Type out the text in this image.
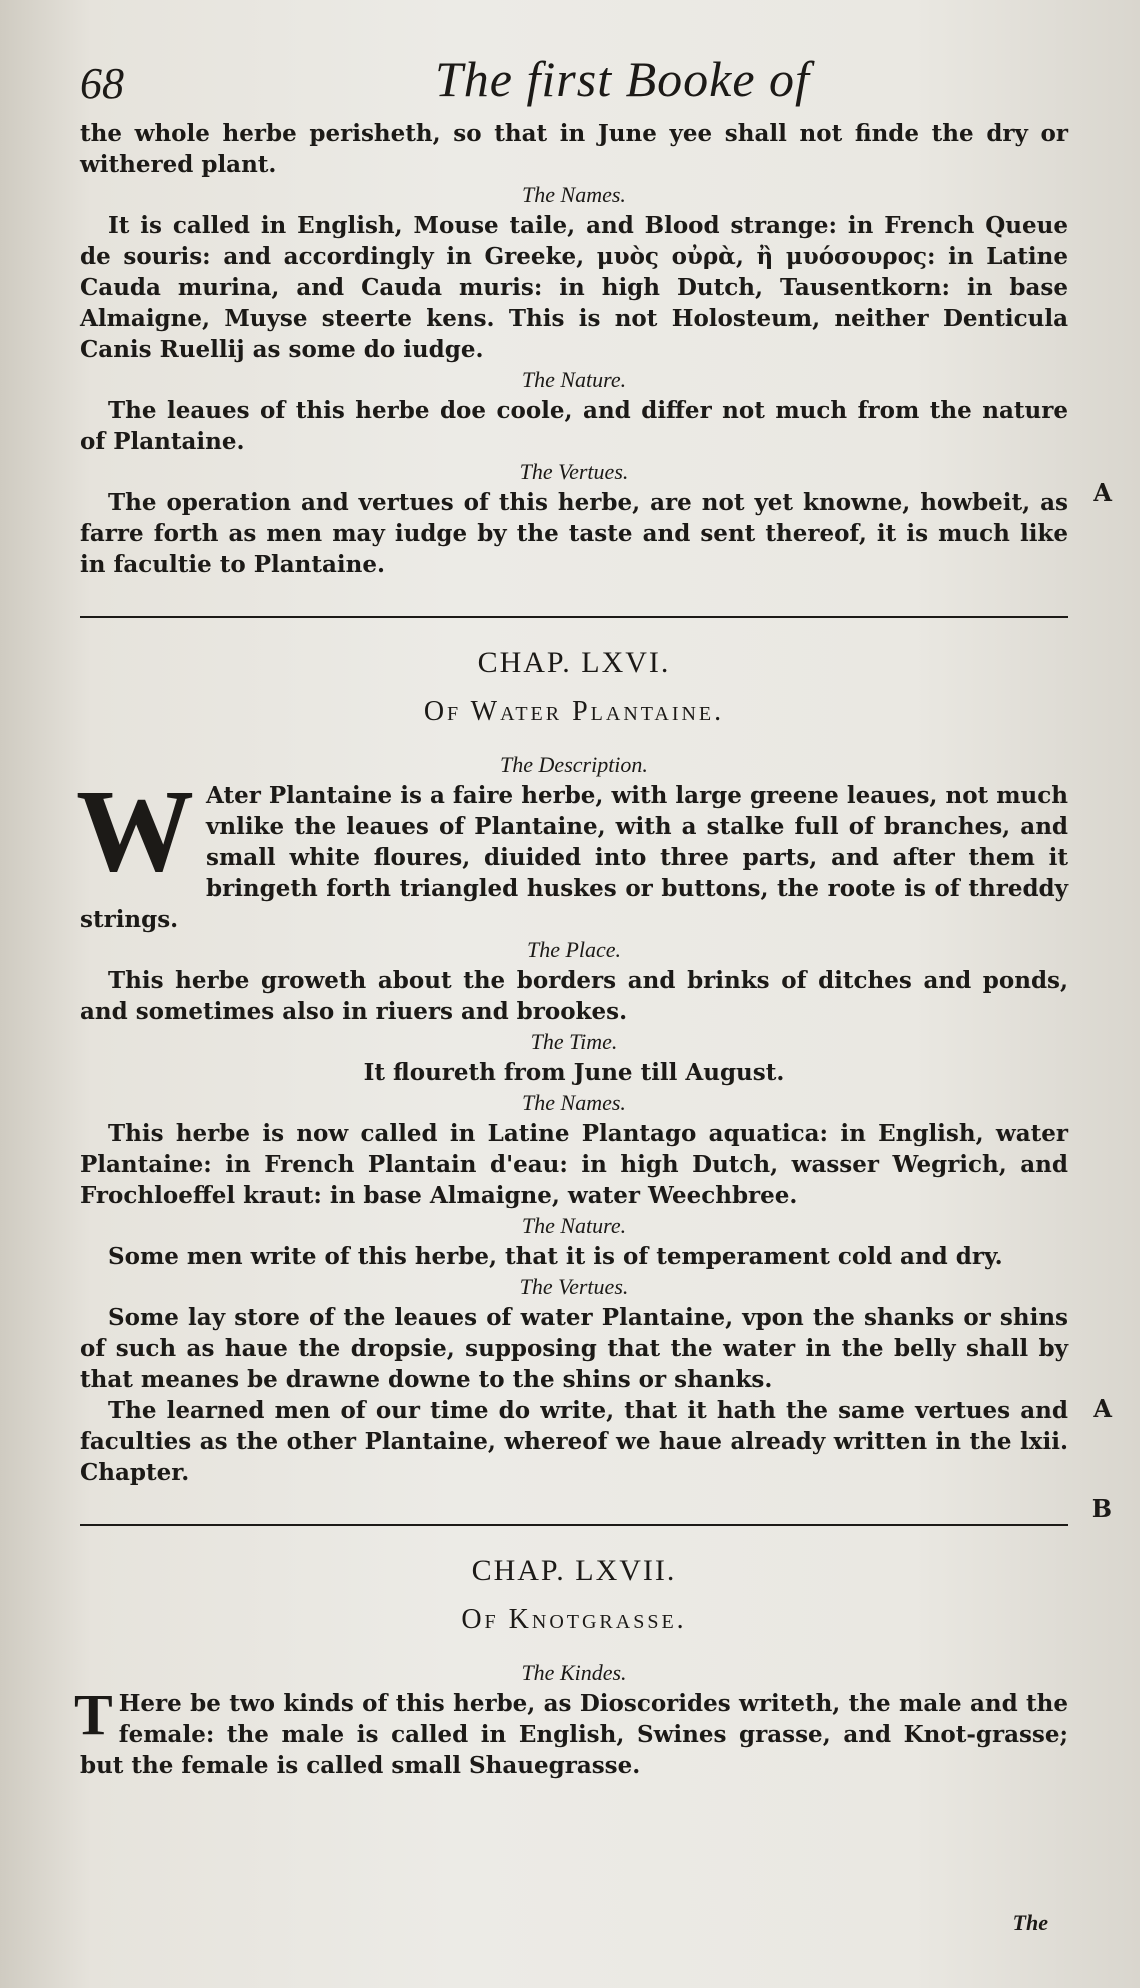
68	The first Booke of

the whole herbe perisheth, so that in June yee shall not finde the dry or withered plant.

The Names.

It is called in English, Mouse taile, and Blood strange: in French Queue de souris: and accordingly in Greeke, μυὸς οὐρὰ, ἢ μυόσουρος: in Latine Cauda murina, and Cauda muris: in high Dutch, Tausentkorn: in base Almaigne, Muyse steerte kens. This is not Holosteum, neither Denticula Canis Ruellij as some do iudge.

The Nature.

The leaues of this herbe doe coole, and differ not much from the nature of Plantaine.

The Vertues.

The operation and vertues of this herbe, are not yet knowne, howbeit, as farre forth as men may iudge by the taste and sent thereof, it is much like in facultie to Plantaine.

A
CHAP. LXVI.
Of Water Plantaine.
The Description.

W Ater Plantaine is a faire herbe, with large greene leaues, not much vnlike the leaues of Plantaine, with a stalke full of branches, and small white floures, diuided into three parts, and after them it bringeth forth triangled huskes or buttons, the roote is of threddy strings.

The Place.

This herbe groweth about the borders and brinks of ditches and ponds, and sometimes also in riuers and brookes.

The Time.

It floureth from June till August.

The Names.

This herbe is now called in Latine Plantago aquatica: in English, water Plantaine: in French Plantain d'eau: in high Dutch, wasser Wegrich, and Frochloeffel kraut: in base Almaigne, water Weechbree.

The Nature.

Some men write of this herbe, that it is of temperament cold and dry.

The Vertues.

Some lay store of the leaues of water Plantaine, vpon the shanks or shins of such as haue the dropsie, supposing that the water in the belly shall by that meanes be drawne downe to the shins or shanks.

The learned men of our time do write, that it hath the same vertues and faculties as the other Plantaine, whereof we haue already written in the lxii. Chapter.

A
B
CHAP. LXVII.
Of Knotgrasse.
The Kindes.

T Here be two kinds of this herbe, as Dioscorides writeth, the male and the female: the male is called in English, Swines grasse, and Knot-grasse; but the female is called small Shauegrasse.

The
